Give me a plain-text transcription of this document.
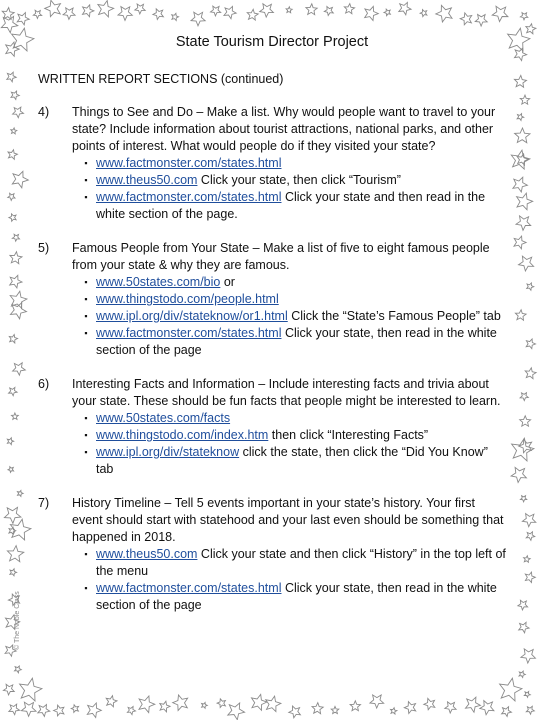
State Tourism Director Project
WRITTEN REPORT SECTIONS (continued)
4)	Things to See and Do – Make a list. Why would people want to travel to your state? Include information about tourist attractions, national parks, and other points of interest. What would people do if they visited your state?
▪ www.factmonster.com/states.html
▪ www.theus50.com Click your state, then click “Tourism”
▪ www.factmonster.com/states.html Click your state and then read in the white section of the page.
5)	Famous People from Your State – Make a list of five to eight famous people from your state & why they are famous.
▪ www.50states.com/bio or
▪ www.thingstodo.com/people.html
▪ www.ipl.org/div/stateknow/or1.html Click the “State’s Famous People” tab
▪ www.factmonster.com/states.html Click your state, then read in the white section of the page
6)	Interesting Facts and Information – Include interesting facts and trivia about your state. These should be fun facts that people might be interested to learn.
▪ www.50states.com/facts
▪ www.thingstodo.com/index.htm then click “Interesting Facts”
▪ www.ipl.org/div/stateknow click the state, then click the “Did You Know” tab
7)	History Timeline – Tell 5 events important in your state’s history. Your first event should start with statehood and your last even should be something that happened in 2018.
▪ www.theus50.com Click your state and then click “History” in the top left of the menu
▪ www.factmonster.com/states.html Click your state, then read in the white section of the page
© The Noble Class
